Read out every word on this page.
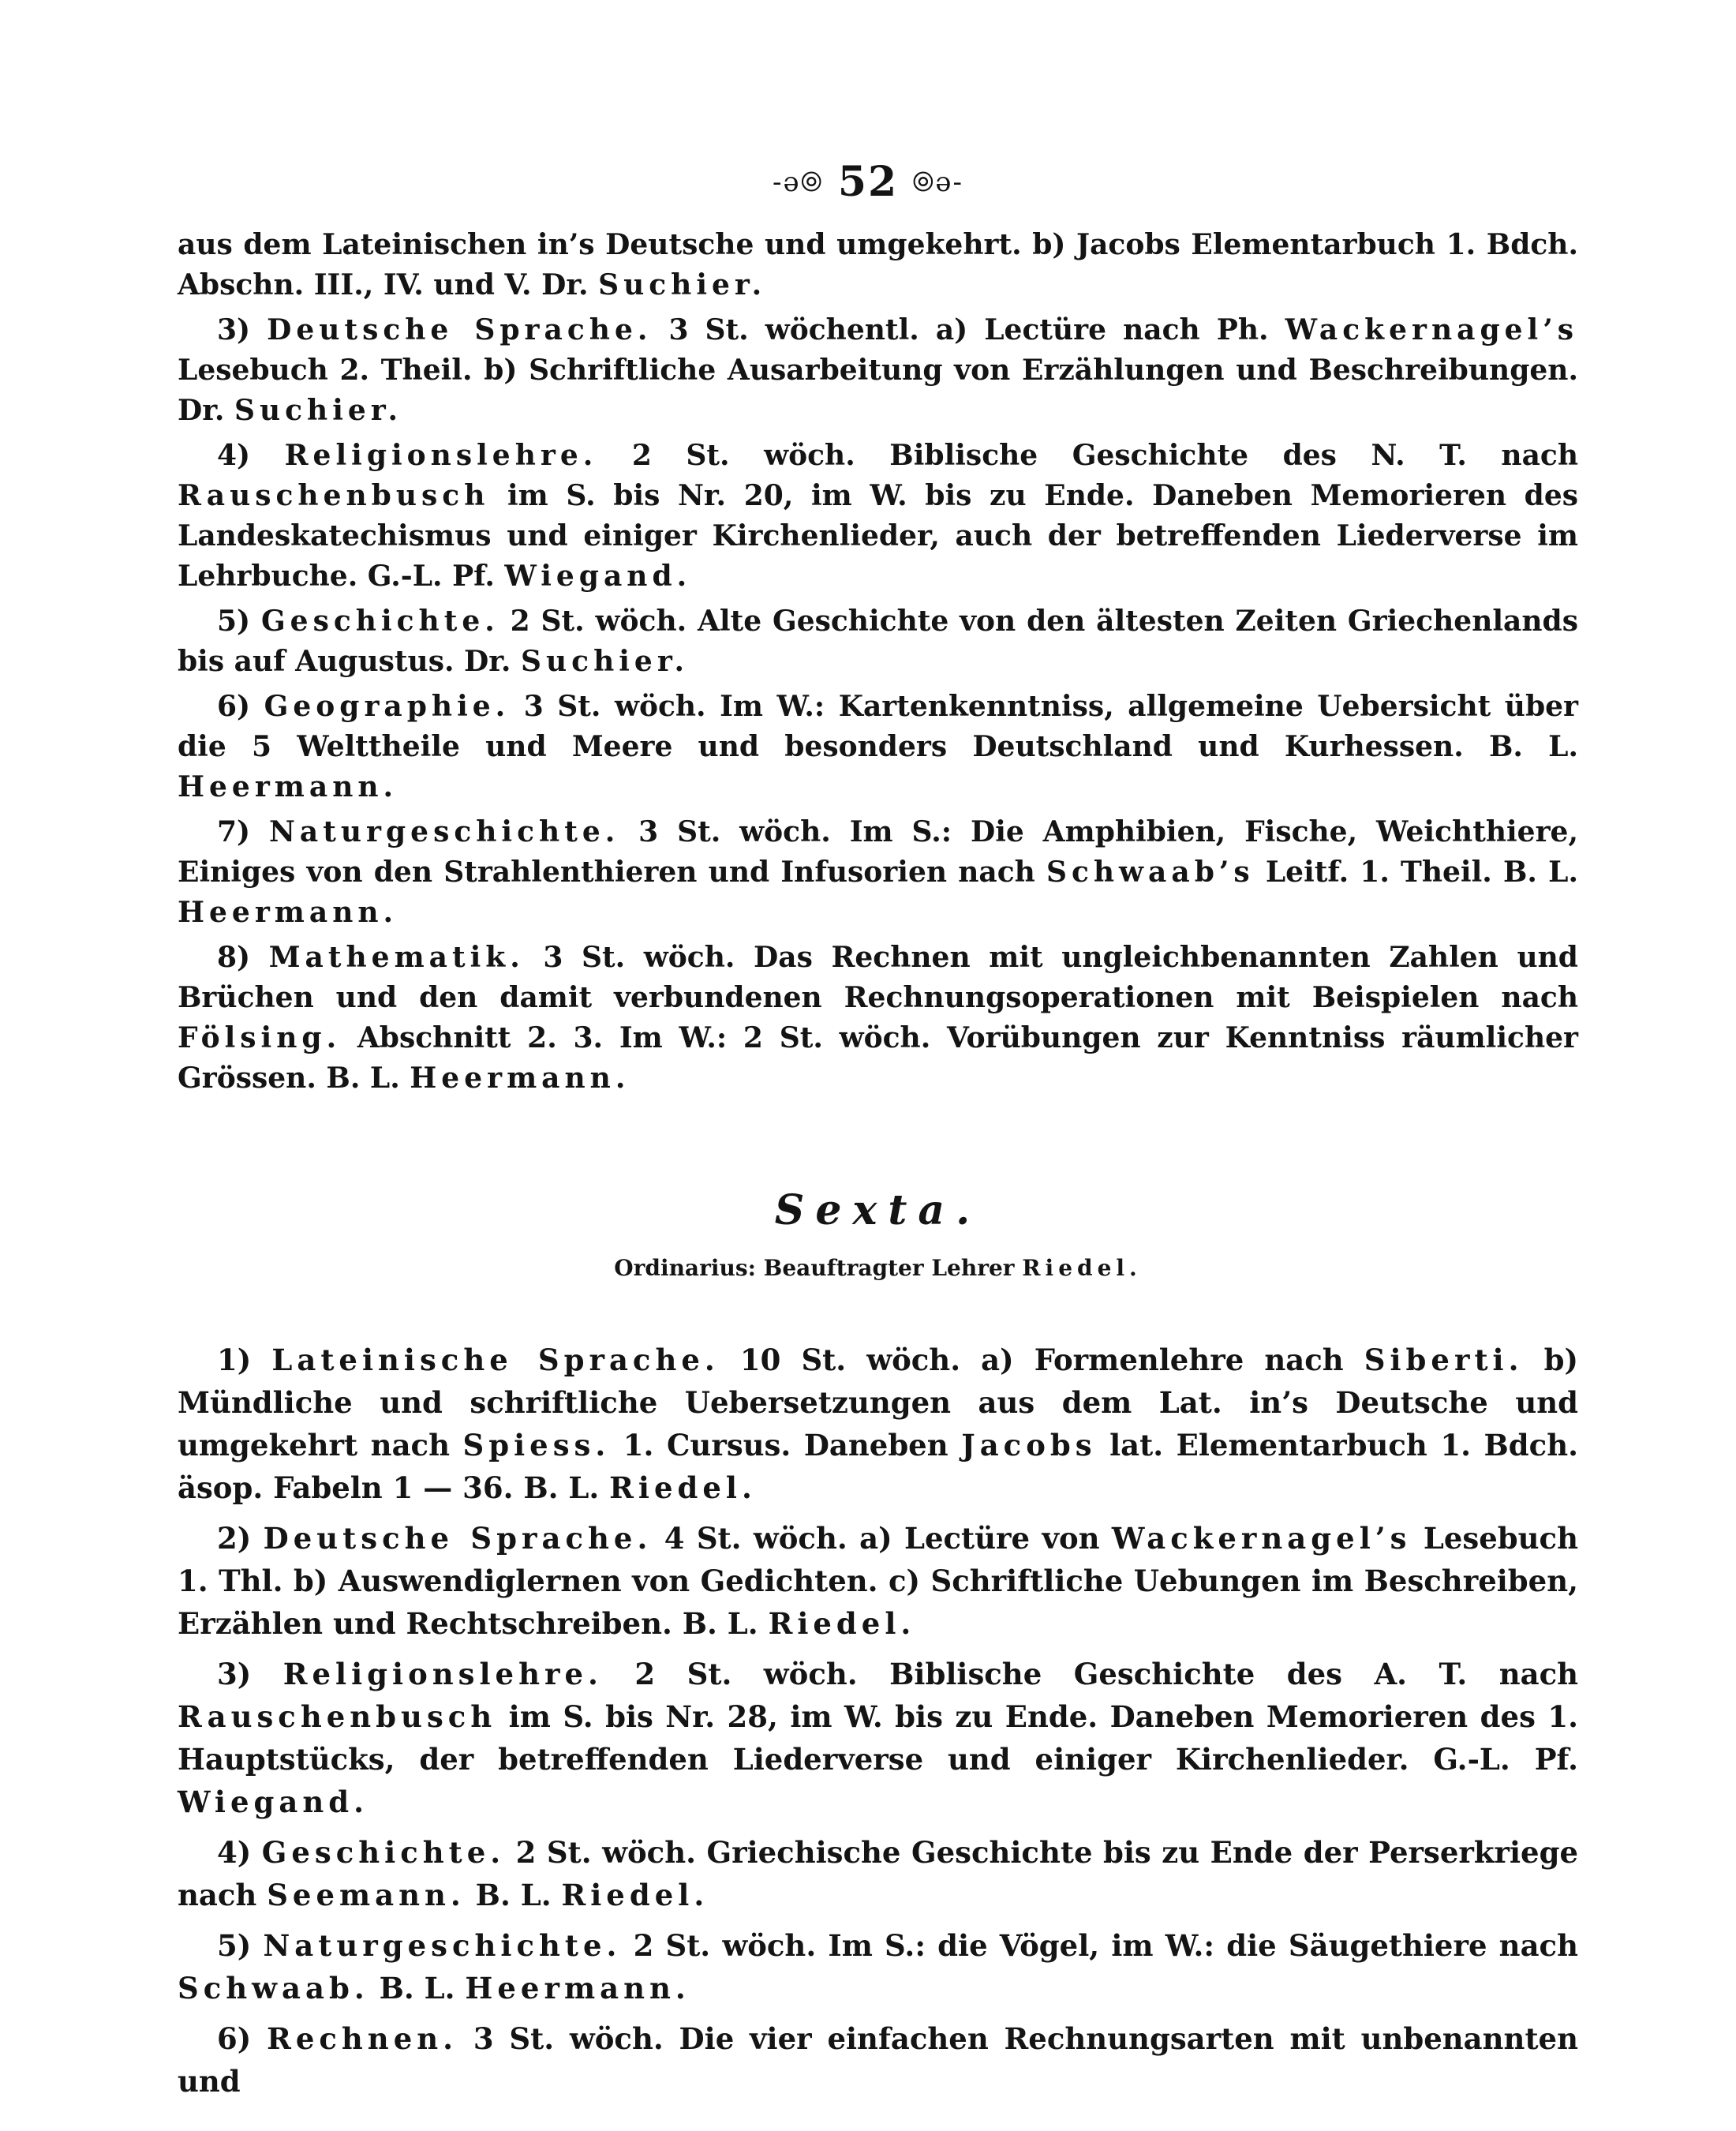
-ǝ⦾ 52 ⦾ǝ-

aus dem Lateinischen in’s Deutsche und umgekehrt. b) Jacobs Elementarbuch 1. Bdch. Abschn. III., IV. und V. Dr. Suchier.

3) Deutsche Sprache. 3 St. wöchentl. a) Lectüre nach Ph. Wackernagel’s Lesebuch 2. Theil. b) Schriftliche Ausarbeitung von Erzählungen und Beschreibungen. Dr. Suchier.

4) Religionslehre. 2 St. wöch. Biblische Geschichte des N. T. nach Rauschenbusch im S. bis Nr. 20, im W. bis zu Ende. Daneben Memorieren des Landeskatechismus und einiger Kirchenlieder, auch der betreffenden Liederverse im Lehrbuche. G.-L. Pf. Wiegand.

5) Geschichte. 2 St. wöch. Alte Geschichte von den ältesten Zeiten Griechenlands bis auf Augustus. Dr. Suchier.

6) Geographie. 3 St. wöch. Im W.: Kartenkenntniss, allgemeine Uebersicht über die 5 Welttheile und Meere und besonders Deutschland und Kurhessen. B. L. Heermann.

7) Naturgeschichte. 3 St. wöch. Im S.: Die Amphibien, Fische, Weichthiere, Einiges von den Strahlenthieren und Infusorien nach Schwaab’s Leitf. 1. Theil. B. L. Heermann.

8) Mathematik. 3 St. wöch. Das Rechnen mit ungleichbenannten Zahlen und Brüchen und den damit verbundenen Rechnungsoperationen mit Beispielen nach Fölsing. Abschnitt 2. 3. Im W.: 2 St. wöch. Vorübungen zur Kenntniss räumlicher Grössen. B. L. Heermann.

Sexta.
Ordinarius: Beauftragter Lehrer Riedel.

1) Lateinische Sprache. 10 St. wöch. a) Formenlehre nach Siberti. b) Mündliche und schriftliche Uebersetzungen aus dem Lat. in’s Deutsche und umgekehrt nach Spiess. 1. Cursus. Daneben Jacobs lat. Elementarbuch 1. Bdch. äsop. Fabeln 1 — 36. B. L. Riedel.

2) Deutsche Sprache. 4 St. wöch. a) Lectüre von Wackernagel’s Lesebuch 1. Thl. b) Auswendiglernen von Gedichten. c) Schriftliche Uebungen im Beschreiben, Erzählen und Rechtschreiben. B. L. Riedel.

3) Religionslehre. 2 St. wöch. Biblische Geschichte des A. T. nach Rauschenbusch im S. bis Nr. 28, im W. bis zu Ende. Daneben Memorieren des 1. Hauptstücks, der betreffenden Liederverse und einiger Kirchenlieder. G.-L. Pf. Wiegand.

4) Geschichte. 2 St. wöch. Griechische Geschichte bis zu Ende der Perserkriege nach Seemann. B. L. Riedel.

5) Naturgeschichte. 2 St. wöch. Im S.: die Vögel, im W.: die Säugethiere nach Schwaab. B. L. Heermann.

6) Rechnen. 3 St. wöch. Die vier einfachen Rechnungsarten mit unbenannten und
